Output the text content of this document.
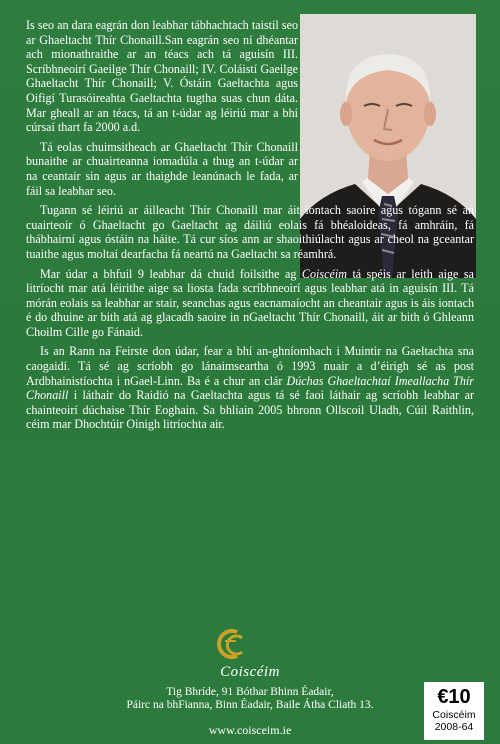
Is seo an dara eagrán don leabhar tábhachtach taistil seo ar Ghaeltacht Thír Chonaill.San eagrán seo ní dhéantar ach mionathraithe ar an téacs ach tá aguisín III. Scríbhneoirí Gaeilge Thír Chonaill; IV. Coláistí Gaeilge Ghaeltacht Thír Chonaill; V. Óstáin Gaeltachta agus Oifigí Turasóireahta Gaeltachta tugtha suas chun dáta. Mar gheall ar an téacs, tá an t-údar ag léiriú mar a bhí cúrsaí thart fa 2000 a.d.

Tá eolas chuimsitheach ar Ghaeltacht Thír Chonaill bunaithe ar chuairteanna iomadúla a thug an t-údar ar na ceantair sin agus ar thaighde leanúnach le fada, ar fáil sa leabhar seo.

Tugann sé léiriú ar áilleacht Thír Chonaill mar áit iontach saoire agus tógann sé an cuairteoir ó Ghaeltacht go Gaeltacht ag dáiliú eolais fá bhéaloideas, fá amhráin, fá thábhairní agus óstáin na háite. Tá cur síos ann ar shaoithiúlacht agus ar cheol na gceantar tuaithe agus moltaí dearfacha fá neartú na Gaeltacht sa réamhrá.

Mar údar a bhfuil 9 leabhar dá chuid foilsithe ag Coiscéim tá spéis ar leith aige sa litríocht mar atá léirithe aige sa liosta fada scríbhneoirí agus leabhar atá in aguisín III. Tá mórán eolais sa leabhar ar stair, seanchas agus eacnamaíocht an cheantair agus is áis iontach é do dhuine ar bith atá ag glacadh saoire in nGaeltacht Thír Chonaill, áit ar bith ó Ghleann Choilm Cille go Fánaid.

Is an Rann na Feirste don údar, fear a bhí an-ghníomhach i Muintir na Gaeltachta sna caogaidí. Tá sé ag scríobh go lánaimseartha ó 1993 nuair a d’éirigh sé as post Ardbhainistíochta i nGael-Linn. Ba é a chur an clár Dúchas Ghaeltachtaí Imeallacha Thír Chonaill i láthair do Raidió na Gaeltachta agus tá sé faoi láthair ag scríobh leabhar ar chainteoirí dúchaise Thír Eoghain. Sa bhliain 2005 bhronn Ollscoil Uladh, Cúil Raithlin, céim mar Dhochtúir Oinigh litríochta air.

Coiscéim
Tig Bhríde, 91 Bóthar Bhinn Éadair,
Páirc na bhFianna, Binn Éadair, Baile Átha Cliath 13.
www.coisceim.ie
€10
Coiscéim
2008-64
